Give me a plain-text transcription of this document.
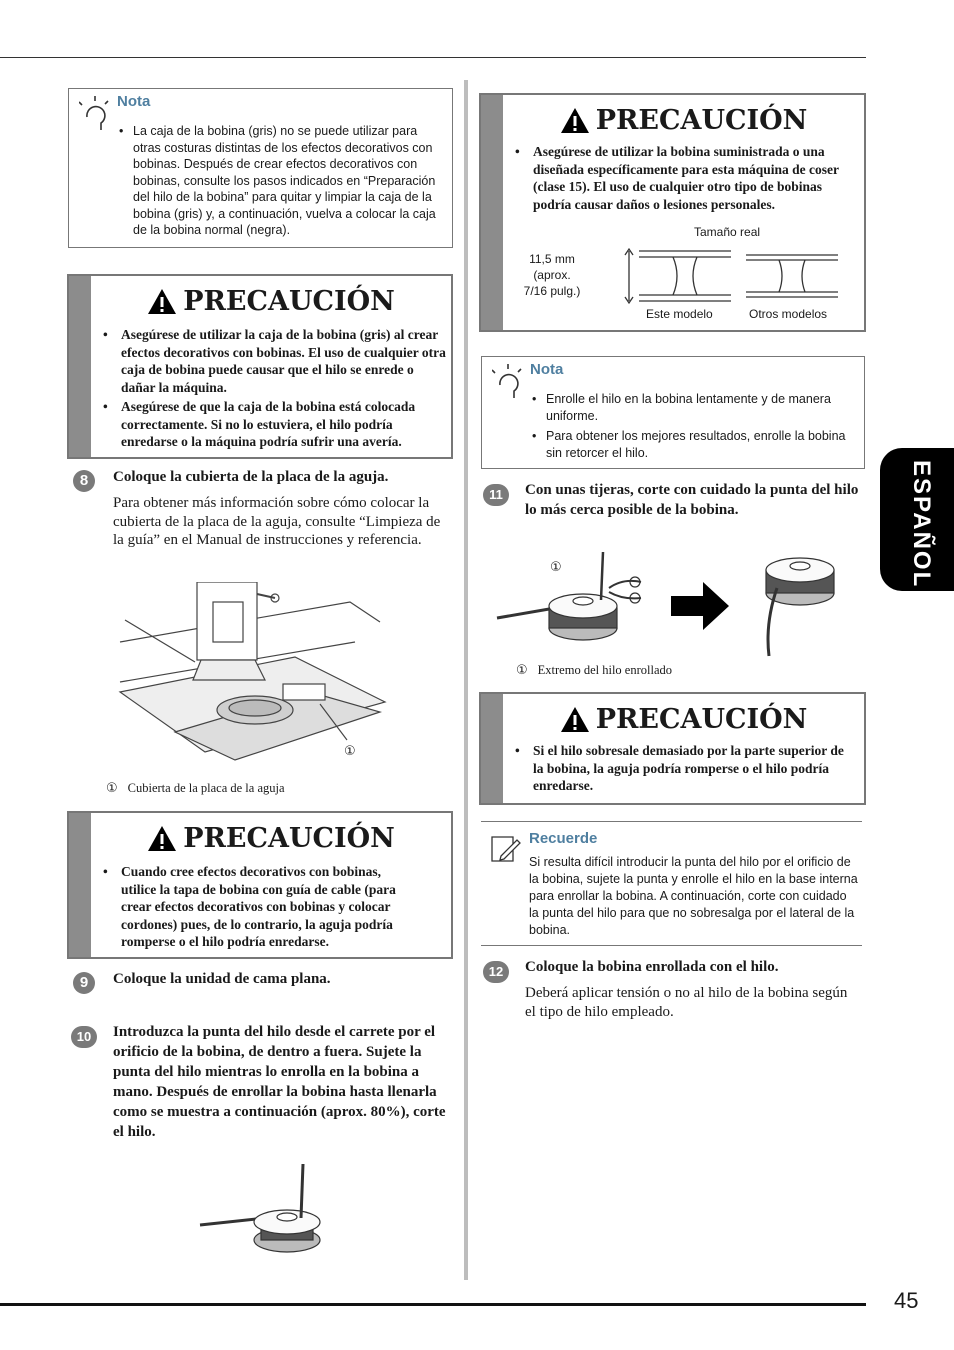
45
ESPAÑOL
Nota
• La caja de la bobina (gris) no se puede utilizar para otras costuras distintas de los efectos decorativos con bobinas. Después de crear efectos decorativos con bobinas, consulte los pasos indicados en “Preparación del hilo de la bobina” para quitar y limpiar la caja de la bobina (gris) y, a continuación, vuelva a colocar la caja de la bobina normal (negra).
PRECAUCIÓN
• Asegúrese de utilizar la caja de la bobina (gris) al crear efectos decorativos con bobinas. El uso de cualquier otra caja de bobina puede causar que el hilo se enrede o dañar la máquina.
• Asegúrese de que la caja de la bobina está colocada correctamente. Si no lo estuviera, el hilo podría enredarse o la máquina podría sufrir una avería.
8	Coloque la cubierta de la placa de la aguja.
Para obtener más información sobre cómo colocar la cubierta de la placa de la aguja, consulte “Limpieza de la guía” en el Manual de instrucciones y referencia.
①
① Cubierta de la placa de la aguja
PRECAUCIÓN
• Cuando cree efectos decorativos con bobinas, utilice la tapa de bobina con guía de cable (para crear efectos decorativos con bobinas y colocar cordones) pues, de lo contrario, la aguja podría romperse o el hilo podría enredarse.
9	Coloque la unidad de cama plana.
10	Introduzca la punta del hilo desde el carrete por el orificio de la bobina, de dentro a fuera. Sujete la punta del hilo mientras lo enrolla en la bobina a mano. Después de enrollar la bobina hasta llenarla como se muestra a continuación (aprox. 80%), corte el hilo.
PRECAUCIÓN
• Asegúrese de utilizar la bobina suministrada o una diseñada específicamente para esta máquina de coser (clase 15). El uso de cualquier otro tipo de bobinas podría causar daños o lesiones personales.
Tamaño real
11,5 mm
(aprox.
7/16 pulg.)
Este modelo	Otros modelos
Nota
• Enrolle el hilo en la bobina lentamente y de manera uniforme.
• Para obtener los mejores resultados, enrolle la bobina sin retorcer el hilo.
11	Con unas tijeras, corte con cuidado la punta del hilo lo más cerca posible de la bobina.
①
① Extremo del hilo enrollado
PRECAUCIÓN
• Si el hilo sobresale demasiado por la parte superior de la bobina, la aguja podría romperse o el hilo podría enredarse.
Recuerde
Si resulta difícil introducir la punta del hilo por el orificio de la bobina, sujete la punta y enrolle el hilo en la base interna para enrollar la bobina. A continuación, corte con cuidado la punta del hilo para que no sobresalga por el lateral de la bobina.
12	Coloque la bobina enrollada con el hilo.
Deberá aplicar tensión o no al hilo de la bobina según el tipo de hilo empleado.
